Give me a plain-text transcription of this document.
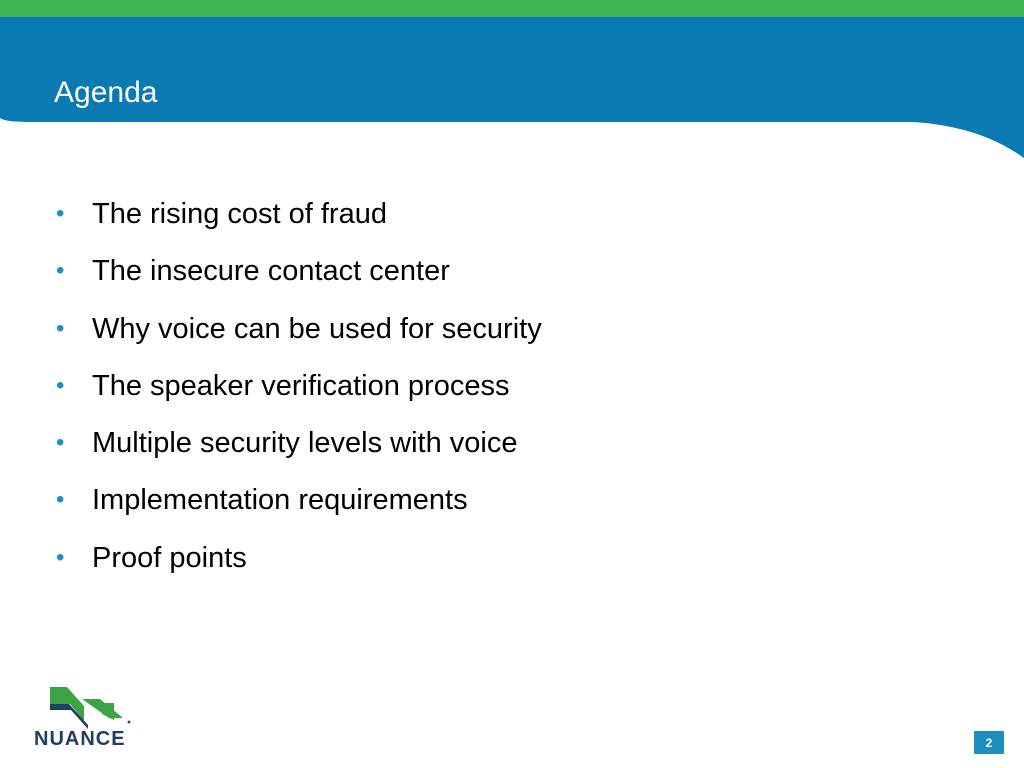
Agenda
• The rising cost of fraud
• The insecure contact center
• Why voice can be used for security
• The speaker verification process
• Multiple security levels with voice
• Implementation requirements
• Proof points
NUANCE	2
